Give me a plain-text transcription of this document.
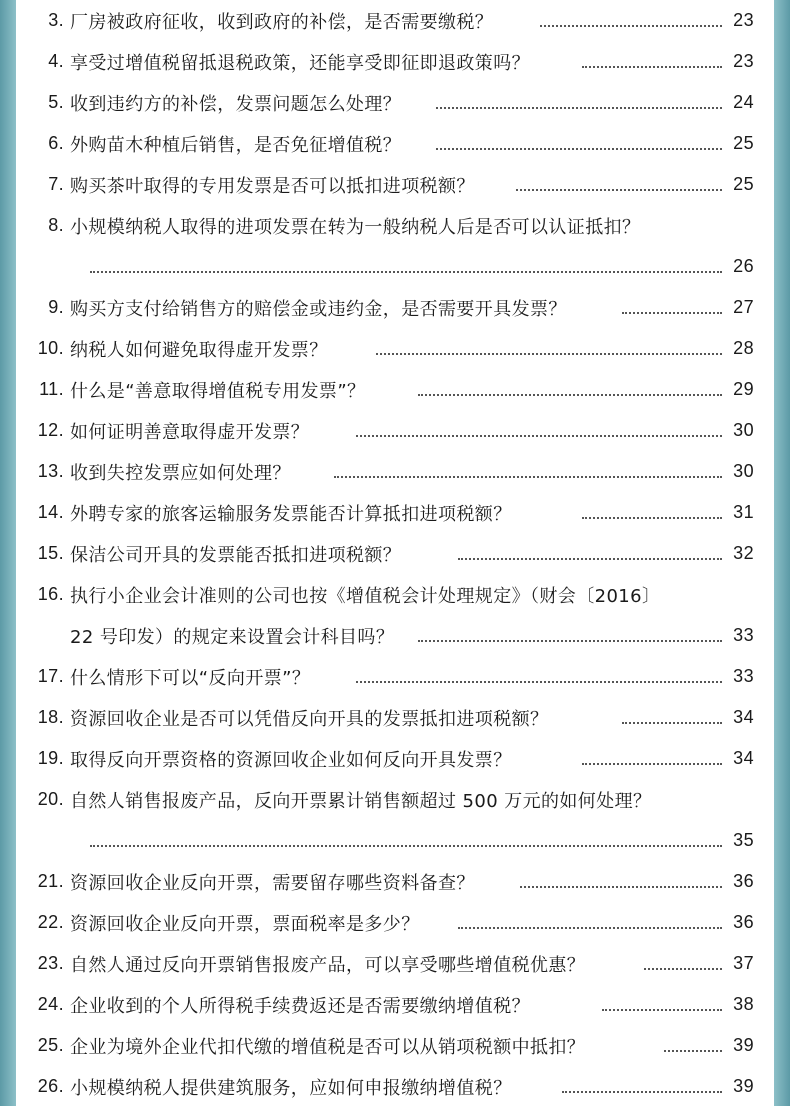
3. 厂房被政府征收，收到政府的补偿，是否需要缴税？	23
4. 享受过增值税留抵退税政策，还能享受即征即退政策吗？	23
5. 收到违约方的补偿，发票问题怎么处理？	24
6. 外购苗木种植后销售，是否免征增值税？	25
7. 购买茶叶取得的专用发票是否可以抵扣进项税额？	25
8. 小规模纳税人取得的进项发票在转为一般纳税人后是否可以认证抵扣？
26
9. 购买方支付给销售方的赔偿金或违约金，是否需要开具发票？	27
10. 纳税人如何避免取得虚开发票？	28
11. 什么是“善意取得增值税专用发票”？	29
12. 如何证明善意取得虚开发票？	30
13. 收到失控发票应如何处理？	30
14. 外聘专家的旅客运输服务发票能否计算抵扣进项税额？	31
15. 保洁公司开具的发票能否抵扣进项税额？	32
16. 执行小企业会计准则的公司也按《增值税会计处理规定》（财会〔2016〕
22 号印发）的规定来设置会计科目吗？	33
17. 什么情形下可以“反向开票”？	33
18. 资源回收企业是否可以凭借反向开具的发票抵扣进项税额？	34
19. 取得反向开票资格的资源回收企业如何反向开具发票？	34
20. 自然人销售报废产品，反向开票累计销售额超过 500 万元的如何处理？
35
21. 资源回收企业反向开票，需要留存哪些资料备查？	36
22. 资源回收企业反向开票，票面税率是多少？	36
23. 自然人通过反向开票销售报废产品，可以享受哪些增值税优惠？	37
24. 企业收到的个人所得税手续费返还是否需要缴纳增值税？	38
25. 企业为境外企业代扣代缴的增值税是否可以从销项税额中抵扣？	39
26. 小规模纳税人提供建筑服务，应如何申报缴纳增值税？	39
